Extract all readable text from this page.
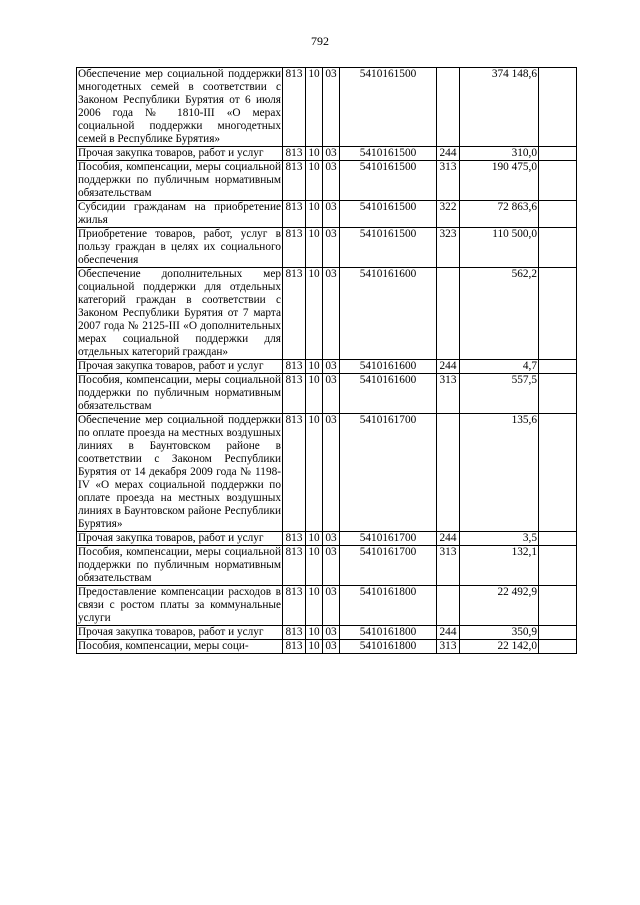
792
Обеспечение мер социальной поддержки многодетных семей в соответствии с Законом Республики Бурятия от 6 июля 2006 года № 1810-III «О мерах социальной поддержки многодетных семей в Республике Бурятия»	813	10	03	5410161500		374 148,6	
Прочая закупка товаров, работ и услуг	813	10	03	5410161500	244	310,0	
Пособия, компенсации, меры социальной поддержки по публичным нормативным обязательствам	813	10	03	5410161500	313	190 475,0	
Субсидии гражданам на приобретение жилья	813	10	03	5410161500	322	72 863,6	
Приобретение товаров, работ, услуг в пользу граждан в целях их социального обеспечения	813	10	03	5410161500	323	110 500,0	
Обеспечение дополнительных мер социальной поддержки для отдельных категорий граждан в соответствии с Законом Республики Бурятия от 7 марта 2007 года № 2125-III «О дополнительных мерах социальной поддержки для отдельных категорий граждан»	813	10	03	5410161600		562,2	
Прочая закупка товаров, работ и услуг	813	10	03	5410161600	244	4,7	
Пособия, компенсации, меры социальной поддержки по публичным нормативным обязательствам	813	10	03	5410161600	313	557,5	
Обеспечение мер социальной поддержки по оплате проезда на местных воздушных линиях в Баунтовском районе в соответствии с Законом Республики Бурятия от 14 декабря 2009 года № 1198-IV «О мерах социальной поддержки по оплате проезда на местных воздушных линиях в Баунтовском районе Республики Бурятия»	813	10	03	5410161700		135,6	
Прочая закупка товаров, работ и услуг	813	10	03	5410161700	244	3,5	
Пособия, компенсации, меры социальной поддержки по публичным нормативным обязательствам	813	10	03	5410161700	313	132,1	
Предоставление компенсации расходов в связи с ростом платы за коммунальные услуги	813	10	03	5410161800		22 492,9	
Прочая закупка товаров, работ и услуг	813	10	03	5410161800	244	350,9	
Пособия, компенсации, меры соци-	813	10	03	5410161800	313	22 142,0	
